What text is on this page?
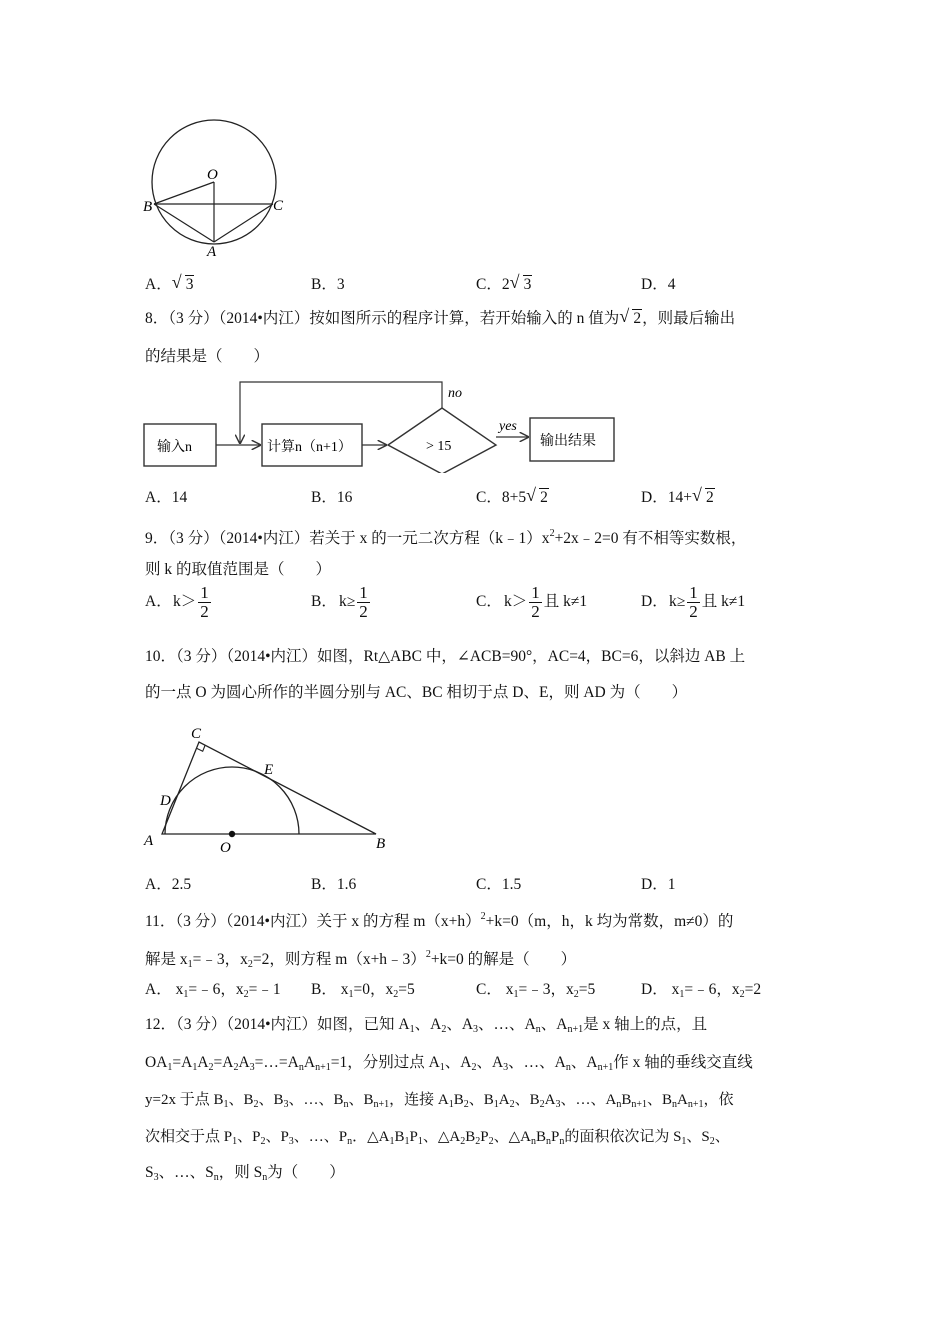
O
B	C
A
A． √ 3	B．3	C．2 √ 3	D．4
8．（3 分）（2014•内江）按如图所示的程序计算，若开始输入的 n 值为 √ 2，则最后输出
的结果是（　　）
输入n	计算n（n+1）	> 15
no
yes
输出结果
A．14	B．16	C．8+5 √ 2	D．14+ √ 2
9．（3 分）（2014•内江）若关于 x 的一元二次方程$(k﹣1)x^2+2x﹣2=0$ 有不相等实数根，
则 k 的取值范围是（　　）
A．
$k> \frac{1}{2}$	B． $k\ge \frac{1}{2}$	C． $k> \frac{1}{2}$ 且 k≠1	D．
$k\ge \frac{1}{2}$ 且 k≠1
10．（3 分）（2014•内江）如图，Rt△ABC 中，∠ACB=90°，AC=4，BC=6，以斜边 AB 上
的一点 O 为圆心所作的半圆分别与 AC、BC 相切于点 D、E，则 AD 为（　　）
C
E
D
A	O	B
A．2.5	B．1.6	C．1.5	D．1
11．（3 分）（2014•内江）关于 x 的方程 $m(x+h)^2+k=0(m$，h，k 均为常数，m≠0）的
解是 $x_1=﹣3$，$x_2=2$，则方程 m（x+h﹣3）$^2$+k=0 的解是（　　）
A． $x_1=﹣6$，$x_2=﹣1$ B． $x_1=0$，$x_2=5$	C． $x_1=﹣3$，$x_2=5$	D． $x_1=﹣6$，$x_2=2$
12．（3 分）（2014•内江）如图，已知 $A_1$、$A_2$、$A_3$、…、$A_n$、$A_{n+1}$是 x 轴上的点，且
$OA_1=A_1A_2=A_2A_3=\dots=A_nA_{n+1}=1$，分别过点 $A_1$、$A_2$、$A_3$、…、$A_n$、$A_{n+1}$作 x 轴的垂线交直线
y=2x 于点 $B_1$、$B_2$、$B_3$、…、$B_n$、$B_{n+1}$，连接 $A_1B_2$、$B_1A_2$、$B_2A_3$、…、$A_nB_{n+1}$、$B_nA_{n+1}$，依
次相交于点 $P_1$、$P_2$、$P_3$、…、$P_n$．$\triangle A_1B_1P_1$、$\triangle A_2B_2P_2$、$\triangle A_nB_nP_n$的面积依次记为 $S_1$、$S_2$、
$S_3$、…、$S_n$，则 $S_n$为（　　）
